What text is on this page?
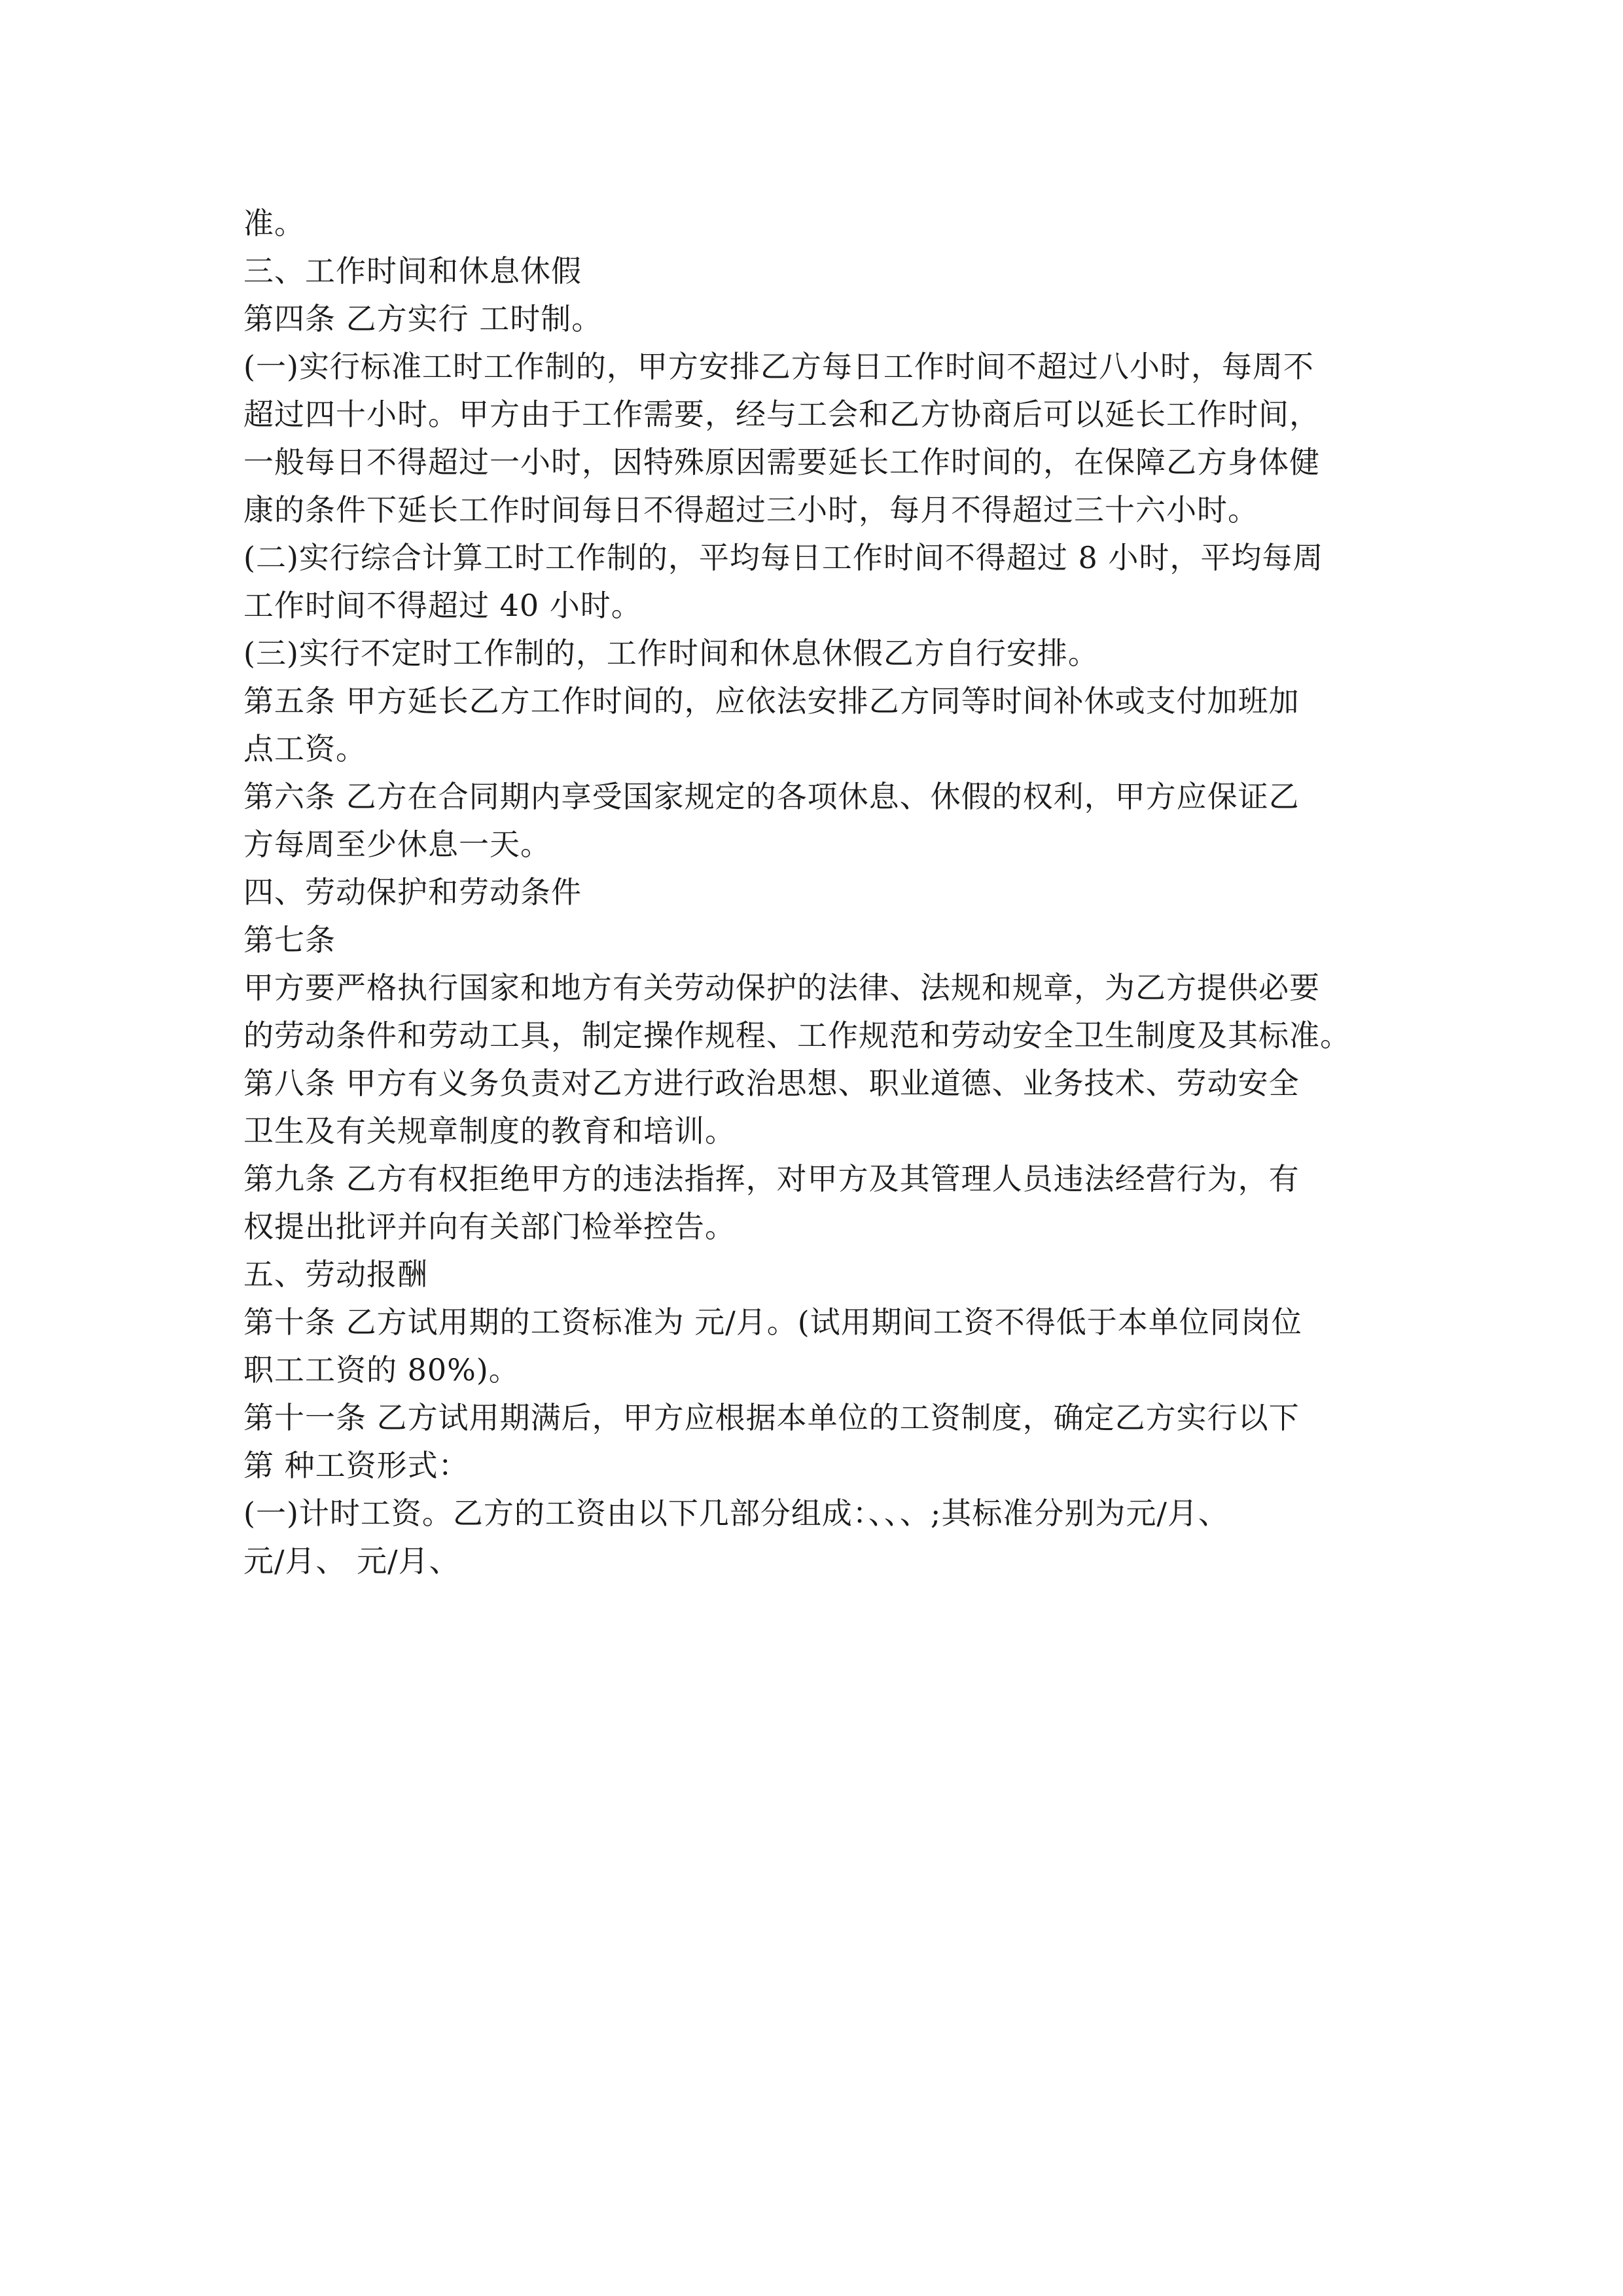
准。

三、工作时间和休息休假

第四条 乙方实行 工时制。

(一)实行标准工时工作制的，甲方安排乙方每日工作时间不超过八小时，每周不
超过四十小时。甲方由于工作需要，经与工会和乙方协商后可以延长工作时间，
一般每日不得超过一小时，因特殊原因需要延长工作时间的，在保障乙方身体健
康的条件下延长工作时间每日不得超过三小时，每月不得超过三十六小时。

(二)实行综合计算工时工作制的，平均每日工作时间不得超过 8 小时，平均每周
工作时间不得超过 40 小时。

(三)实行不定时工作制的，工作时间和休息休假乙方自行安排。

第五条 甲方延长乙方工作时间的，应依法安排乙方同等时间补休或支付加班加
点工资。

第六条 乙方在合同期内享受国家规定的各项休息、休假的权利，甲方应保证乙
方每周至少休息一天。

四、劳动保护和劳动条件

第七条

甲方要严格执行国家和地方有关劳动保护的法律、法规和规章，为乙方提供必要
的劳动条件和劳动工具，制定操作规程、工作规范和劳动安全卫生制度及其标准。

第八条 甲方有义务负责对乙方进行政治思想、职业道德、业务技术、劳动安全
卫生及有关规章制度的教育和培训。

第九条 乙方有权拒绝甲方的违法指挥，对甲方及其管理人员违法经营行为，有
权提出批评并向有关部门检举控告。

五、劳动报酬

第十条 乙方试用期的工资标准为 元/月。(试用期间工资不得低于本单位同岗位
职工工资的 80%)。

第十一条 乙方试用期满后，甲方应根据本单位的工资制度，确定乙方实行以下
第 种工资形式：

(一)计时工资。乙方的工资由以下几部分组成：、、、;其标准分别为元/月、
元/月、 元/月、
